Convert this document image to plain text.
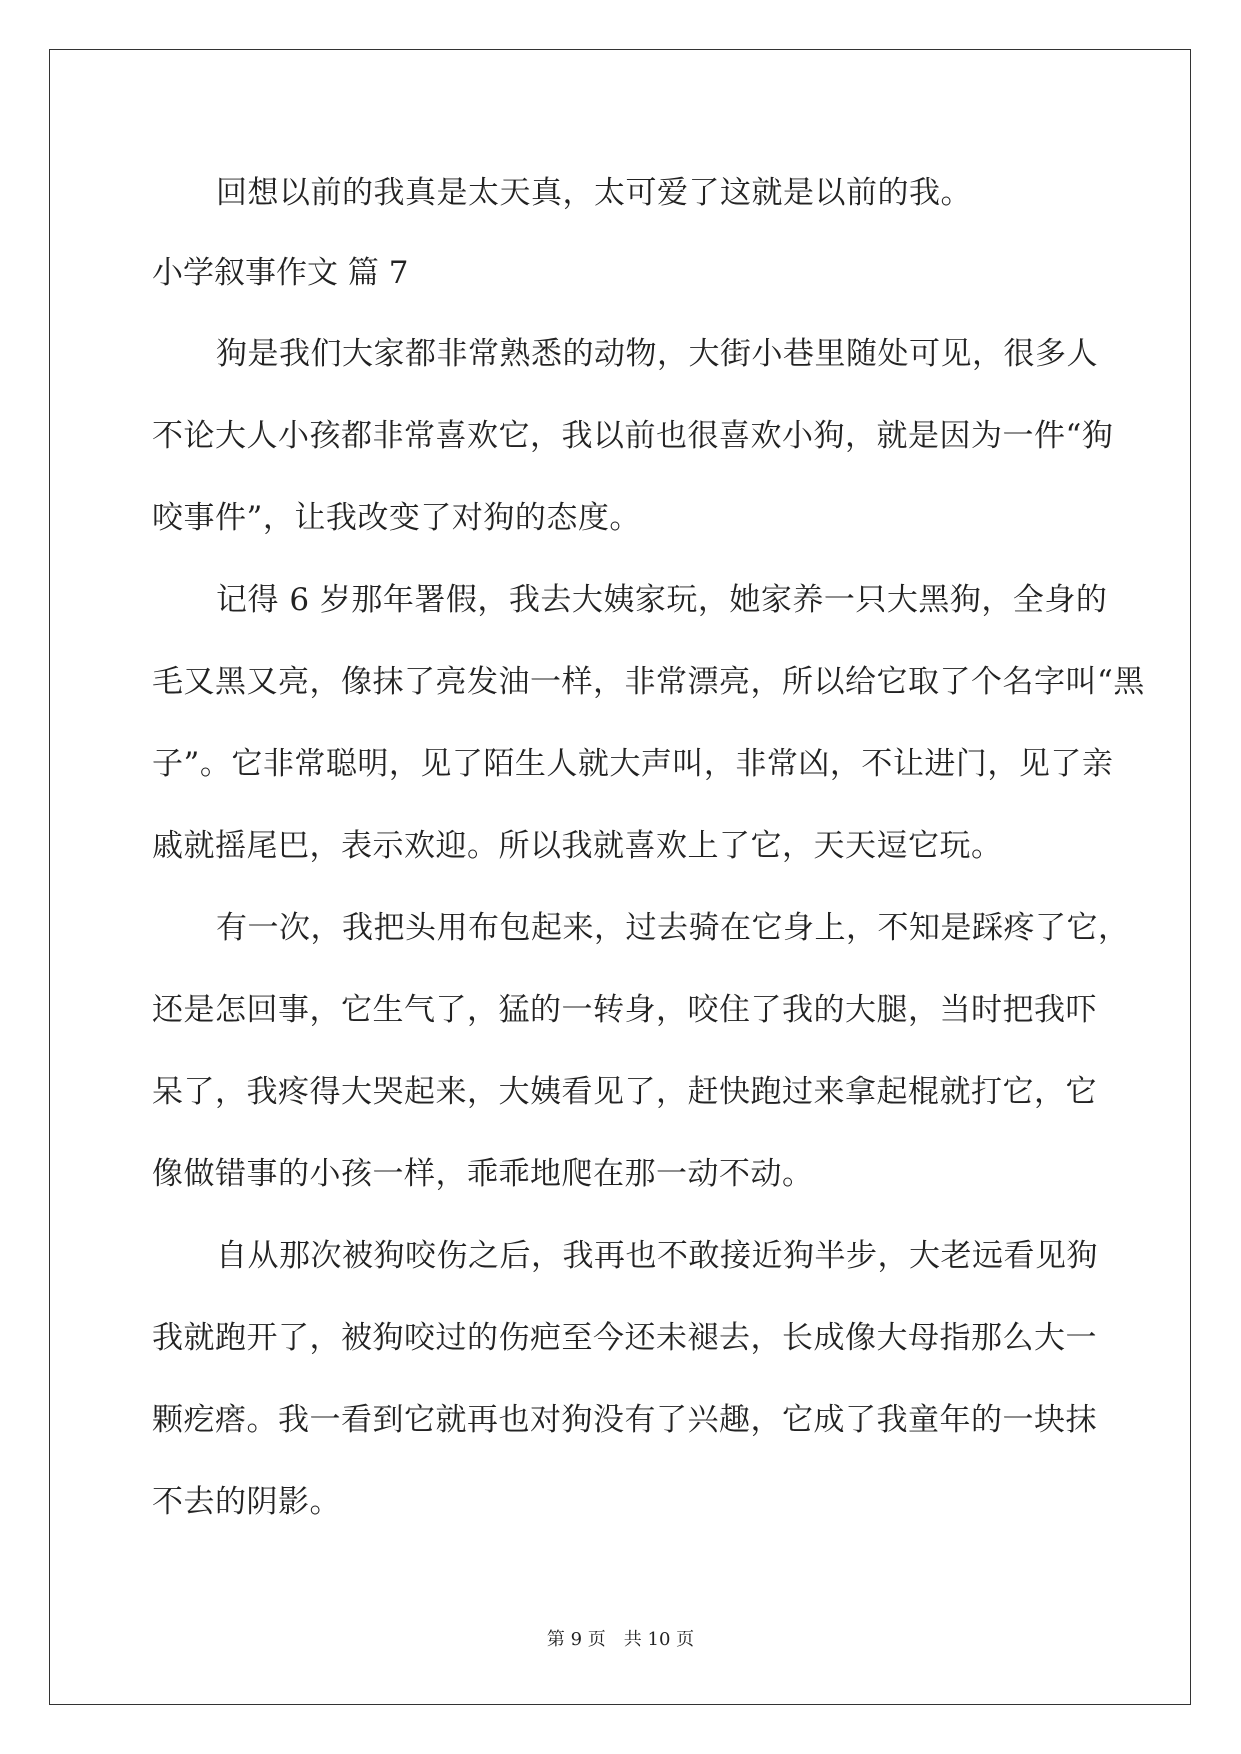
回想以前的我真是太天真，太可爱了这就是以前的我。

小学叙事作文 篇 7

狗是我们大家都非常熟悉的动物，大街小巷里随处可见，很多人

不论大人小孩都非常喜欢它，我以前也很喜欢小狗，就是因为一件“狗

咬事件”，让我改变了对狗的态度。

记得 6 岁那年署假，我去大姨家玩，她家养一只大黑狗，全身的

毛又黑又亮，像抹了亮发油一样，非常漂亮，所以给它取了个名字叫“黑

子”。它非常聪明，见了陌生人就大声叫，非常凶，不让进门，见了亲

戚就摇尾巴，表示欢迎。所以我就喜欢上了它，天天逗它玩。

有一次，我把头用布包起来，过去骑在它身上，不知是踩疼了它，

还是怎回事，它生气了，猛的一转身，咬住了我的大腿，当时把我吓

呆了，我疼得大哭起来，大姨看见了，赶快跑过来拿起棍就打它，它

像做错事的小孩一样，乖乖地爬在那一动不动。

自从那次被狗咬伤之后，我再也不敢接近狗半步，大老远看见狗

我就跑开了，被狗咬过的伤疤至今还未褪去，长成像大母指那么大一

颗疙瘩。我一看到它就再也对狗没有了兴趣，它成了我童年的一块抹

不去的阴影。

第 9 页　共 10 页
